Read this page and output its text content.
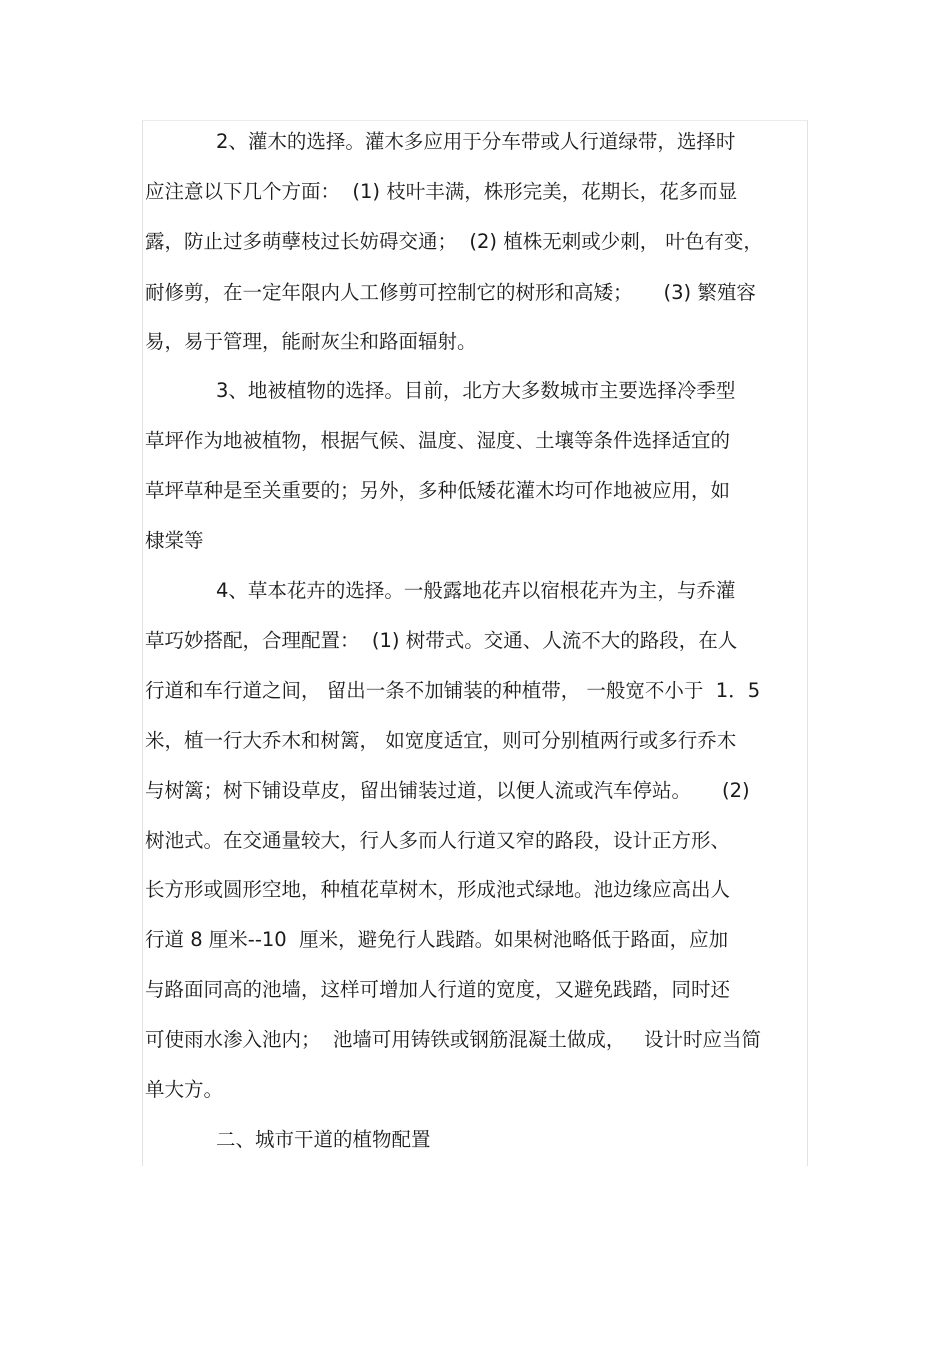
2、灌木的选择。灌木多应用于分车带或人行道绿带，选择时
应注意以下几个方面：  (1) 枝叶丰满，株形完美，花期长，花多而显
露，防止过多萌孽枝过长妨碍交通；  (2) 植株无刺或少刺， 叶色有变，
耐修剪，在一定年限内人工修剪可控制它的树形和高矮；     (3) 繁殖容
易，易于管理，能耐灰尘和路面辐射。
3、地被植物的选择。目前，北方大多数城市主要选择冷季型
草坪作为地被植物，根据气候、温度、湿度、土壤等条件选择适宜的
草坪草种是至关重要的；另外，多种低矮花灌木均可作地被应用，如
棣棠等
4、草本花卉的选择。一般露地花卉以宿根花卉为主，与乔灌
草巧妙搭配，合理配置：  (1) 树带式。交通、人流不大的路段，在人
行道和车行道之间， 留出一条不加铺装的种植带， 一般宽不小于  1．5
米，植一行大乔木和树篱， 如宽度适宜，则可分别植两行或多行乔木
与树篱；树下铺设草皮，留出铺装过道，以便人流或汽车停站。     (2)
树池式。在交通量较大，行人多而人行道又窄的路段，设计正方形、
长方形或圆形空地，种植花草树木，形成池式绿地。池边缘应高出人
行道 8 厘米--10  厘米，避免行人践踏。如果树池略低于路面，应加
与路面同高的池墙，这样可增加人行道的宽度，又避免践踏，同时还
可使雨水渗入池内；  池墙可用铸铁或钢筋混凝土做成，   设计时应当简
单大方。
二、城市干道的植物配置
